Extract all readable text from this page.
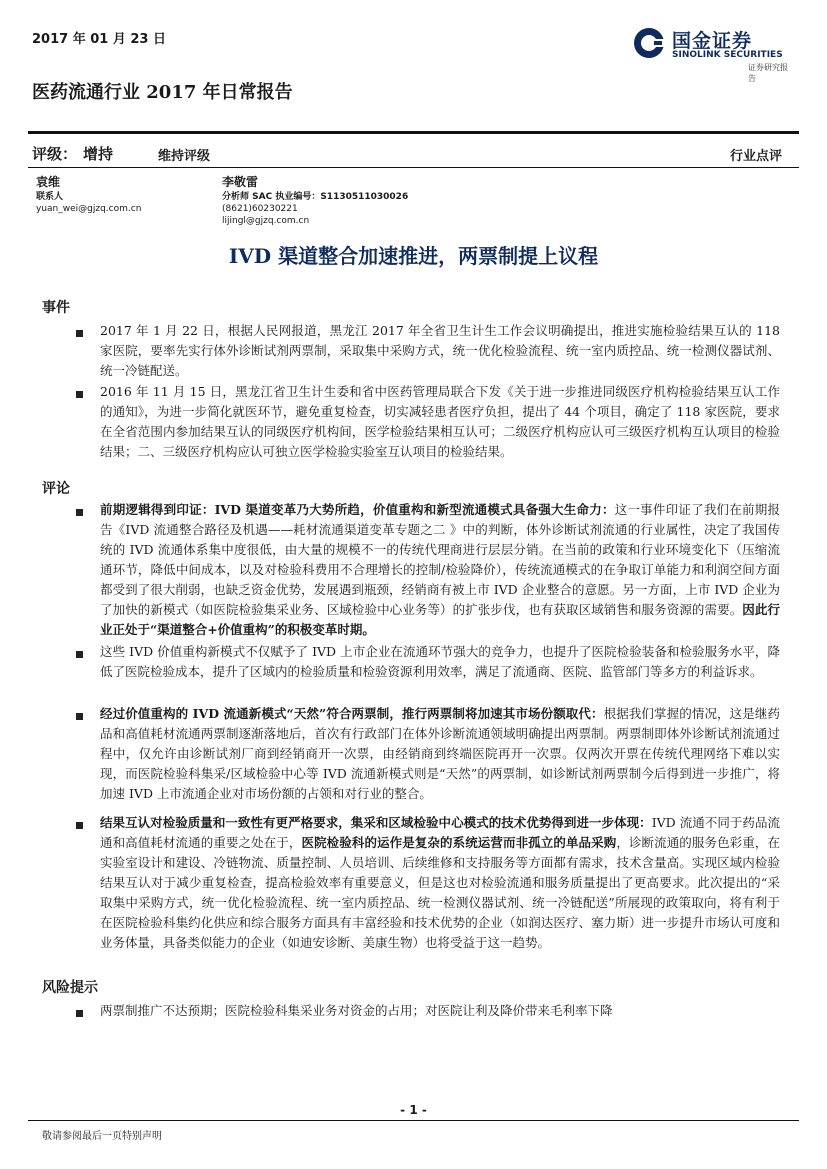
2017 年 01 月 23 日
医药流通行业 2017 年日常报告
国金证券
SINOLINK SECURITIES
证券研究报告
评级： 增持	维持评级	行业点评
袁维
联系人
yuan_wei@gjzq.com.cn
李敬雷
分析师 SAC 执业编号：S1130511030026
(8621)60230221
lijingl@gjzq.com.cn
IVD 渠道整合加速推进，两票制提上议程
事件
2017 年 1 月 22 日，根据人民网报道，黑龙江 2017 年全省卫生计生工作会议明确提出，推进实施检验结果互认的 118 家医院，要率先实行体外诊断试剂两票制，采取集中采购方式，统一优化检验流程、统一室内质控品、统一检测仪器试剂、统一冷链配送。
2016 年 11 月 15 日，黑龙江省卫生计生委和省中医药管理局联合下发《关于进一步推进同级医疗机构检验结果互认工作的通知》，为进一步简化就医环节，避免重复检查，切实减轻患者医疗负担，提出了 44 个项目，确定了 118 家医院，要求在全省范围内参加结果互认的同级医疗机构间，医学检验结果相互认可；二级医疗机构应认可三级医疗机构互认项目的检验结果；二、三级医疗机构应认可独立医学检验实验室互认项目的检验结果。
评论
前期逻辑得到印证：IVD 渠道变革乃大势所趋，价值重构和新型流通模式具备强大生命力：这一事件印证了我们在前期报告《IVD 流通整合路径及机遇——耗材流通渠道变革专题之二 》中的判断，体外诊断试剂流通的行业属性，决定了我国传统的 IVD 流通体系集中度很低，由大量的规模不一的传统代理商进行层层分销。在当前的政策和行业环境变化下（压缩流通环节，降低中间成本，以及对检验科费用不合理增长的控制/检验降价），传统流通模式的在争取订单能力和利润空间方面都受到了很大削弱，也缺乏资金优势，发展遇到瓶颈，经销商有被上市 IVD 企业整合的意愿。另一方面，上市 IVD 企业为了加快的新模式（如医院检验集采业务、区域检验中心业务等）的扩张步伐，也有获取区域销售和服务资源的需要。因此行业正处于“渠道整合+价值重构”的积极变革时期。
这些 IVD 价值重构新模式不仅赋予了 IVD 上市企业在流通环节强大的竞争力，也提升了医院检验装备和检验服务水平，降低了医院检验成本，提升了区域内的检验质量和检验资源利用效率，满足了流通商、医院、监管部门等多方的利益诉求。
经过价值重构的 IVD 流通新模式“天然”符合两票制，推行两票制将加速其市场份额取代：根据我们掌握的情况，这是继药品和高值耗材流通两票制逐渐落地后，首次有行政部门在体外诊断流通领域明确提出两票制。两票制即体外诊断试剂流通过程中，仅允许由诊断试剂厂商到经销商开一次票，由经销商到终端医院再开一次票。仅两次开票在传统代理网络下难以实现，而医院检验科集采/区域检验中心等 IVD 流通新模式则是“天然”的两票制，如诊断试剂两票制今后得到进一步推广，将加速 IVD 上市流通企业对市场份额的占领和对行业的整合。
结果互认对检验质量和一致性有更严格要求，集采和区域检验中心模式的技术优势得到进一步体现：IVD 流通不同于药品流通和高值耗材流通的重要之处在于，医院检验科的运作是复杂的系统运营而非孤立的单品采购，诊断流通的服务色彩重，在实验室设计和建设、冷链物流、质量控制、人员培训、后续维修和支持服务等方面都有需求，技术含量高。实现区域内检验结果互认对于减少重复检查，提高检验效率有重要意义，但是这也对检验流通和服务质量提出了更高要求。此次提出的“采取集中采购方式，统一优化检验流程、统一室内质控品、统一检测仪器试剂、统一冷链配送”所展现的政策取向，将有利于在医院检验科集约化供应和综合服务方面具有丰富经验和技术优势的企业（如润达医疗、塞力斯）进一步提升市场认可度和业务体量，具备类似能力的企业（如迪安诊断、美康生物）也将受益于这一趋势。
风险提示
两票制推广不达预期；医院检验科集采业务对资金的占用；对医院让利及降价带来毛利率下降
- 1 -
敬请参阅最后一页特别声明
